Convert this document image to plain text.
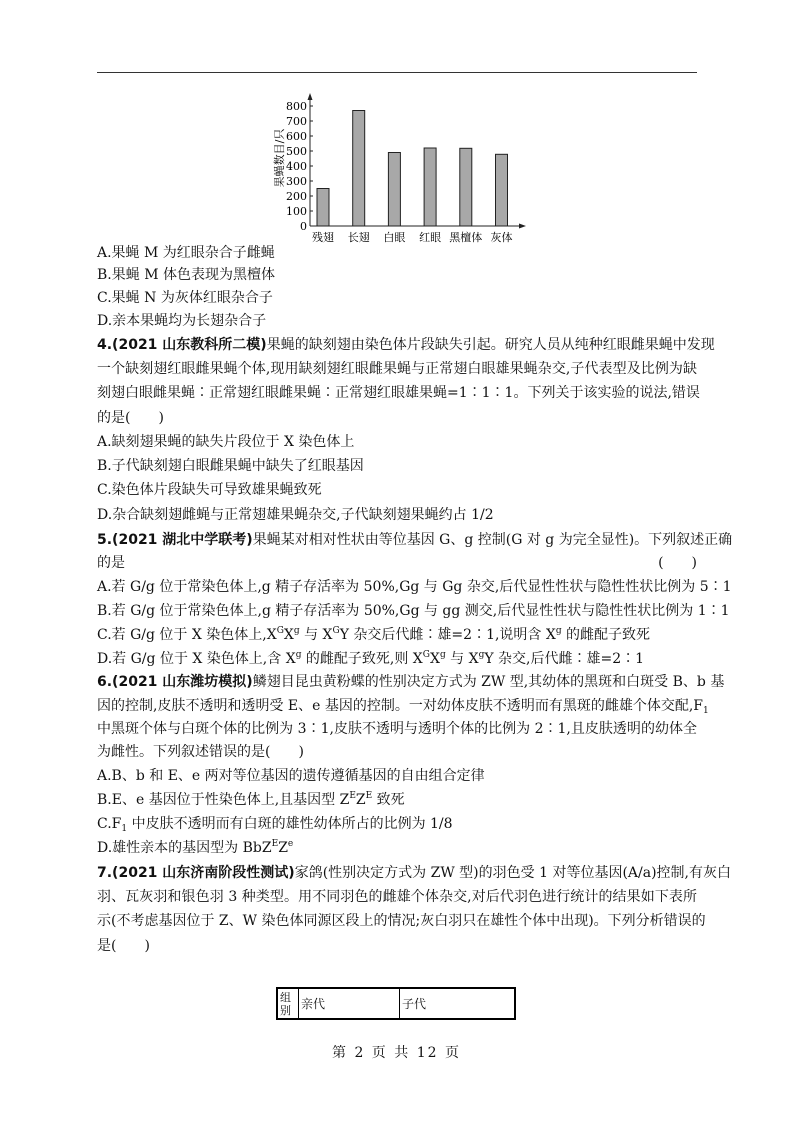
0
100
200
300
400
500
600
700
800
果蝇数目/只
残翅 长翅 白眼 红眼 黑檀体 灰体
A.果蝇 M 为红眼杂合子雌蝇
B.果蝇 M 体色表现为黑檀体
C.果蝇 N 为灰体红眼杂合子
D.亲本果蝇均为长翅杂合子
4.(2021 山东教科所二模)果蝇的缺刻翅由染色体片段缺失引起。研究人员从纯种红眼雌果蝇中发现
一个缺刻翅红眼雌果蝇个体,现用缺刻翅红眼雌果蝇与正常翅白眼雄果蝇杂交,子代表型及比例为缺
刻翅白眼雌果蝇∶正常翅红眼雌果蝇∶正常翅红眼雄果蝇=1∶1∶1。下列关于该实验的说法,错误
的是(　　)
A.缺刻翅果蝇的缺失片段位于 X 染色体上
B.子代缺刻翅白眼雌果蝇中缺失了红眼基因
C.染色体片段缺失可导致雄果蝇致死
D.杂合缺刻翅雌蝇与正常翅雄果蝇杂交,子代缺刻翅果蝇约占 1/2
5.(2021 湖北中学联考)果蝇某对相对性状由等位基因 G、g 控制(G 对 g 为完全显性)。下列叙述正确
的是	(　　)
A.若 G/g 位于常染色体上,g 精子存活率为 50%,Gg 与 Gg 杂交,后代显性性状与隐性性状比例为 5∶1
B.若 G/g 位于常染色体上,g 精子存活率为 50%,Gg 与 gg 测交,后代显性性状与隐性性状比例为 1∶1
C.若 G/g 位于 X 染色体上$,X^GX^g$ 与 $X^GY$ 杂交后代雌∶雄=2∶1,说明含 $X^g$ 的雌配子致死
D.若 G/g 位于 X 染色体上,含 $X^g$ 的雌配子致死,则 $X^GX^g$ 与 $X^gY$ 杂交,后代雌∶雄=2∶1
6.(2021 山东潍坊模拟)鳞翅目昆虫黄粉蝶的性别决定方式为 ZW 型,其幼体的黑斑和白斑受 B、b 基
因的控制,皮肤不透明和透明受 E、e 基因的控制。一对幼体皮肤不透明而有黑斑的雌雄个体交配$,F_1$
中黑斑个体与白斑个体的比例为 3∶1,皮肤不透明与透明个体的比例为 2∶1,且皮肤透明的幼体全
为雌性。下列叙述错误的是(　　)
A.B、b 和 E、e 两对等位基因的遗传遵循基因的自由组合定律
B.E、e 基因位于性染色体上,且基因型 $Z^EZ^E$ 致死
$C.F_1$ 中皮肤不透明而有白斑的雄性幼体所占的比例为 1/8
D.雄性亲本的基因型为 $BbZ^EZ^e$
7.(2021 山东济南阶段性测试)家鸽(性别决定方式为 ZW 型)的羽色受 1 对等位基因(A/a)控制,有灰白
羽、瓦灰羽和银色羽 3 种类型。用不同羽色的雌雄个体杂交,对后代羽色进行统计的结果如下表所
示(不考虑基因位于 Z、W 染色体同源区段上的情况;灰白羽只在雄性个体中出现)。下列分析错误的
是(　　)
组别	亲代	子代
第 2 页 共 12 页
